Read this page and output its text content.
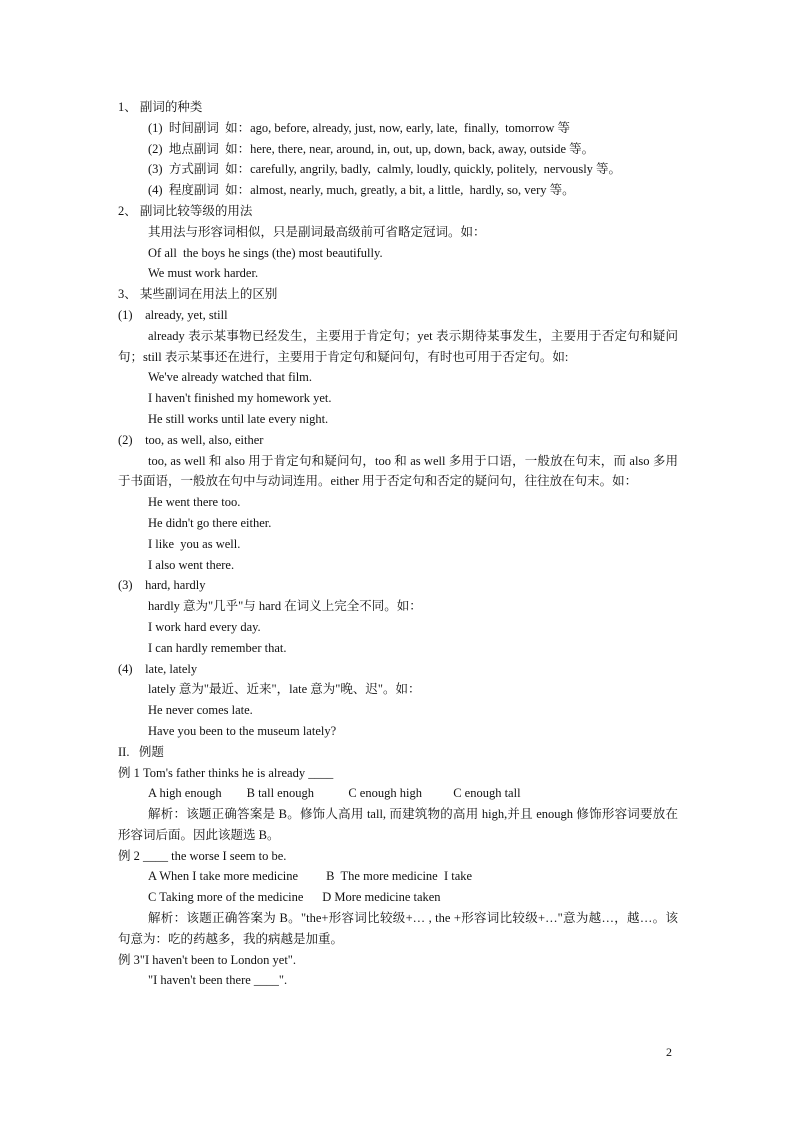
1、 副词的种类
(1)  时间副词  如：ago, before, already, just, now, early, late,  finally,  tomorrow 等
(2)  地点副词  如：here, there, near, around, in, out, up, down, back, away, outside 等。
(3)  方式副词  如：carefully, angrily, badly,  calmly, loudly, quickly, politely,  nervously 等。
(4)  程度副词  如：almost, nearly, much, greatly, a bit, a little,  hardly, so, very 等。
2、 副词比较等级的用法
其用法与形容词相似，只是副词最高级前可省略定冠词。如：
Of all  the boys he sings (the) most beautifully.
We must work harder.
3、 某些副词在用法上的区别
(1)    already, yet, still
already 表示某事物已经发生，主要用于肯定句；yet 表示期待某事发生，主要用于否定句和疑问句；still 表示某事还在进行，主要用于肯定句和疑问句，有时也可用于否定句。如:
We've already watched that film.
I haven't finished my homework yet.
He still works until late every night.
(2)    too, as well, also, either
too, as well 和 also 用于肯定句和疑问句，too 和 as well 多用于口语，一般放在句末，而 also 多用于书面语，一般放在句中与动词连用。either 用于否定句和否定的疑问句，往往放在句末。如：
He went there too.
He didn't go there either.
I like  you as well.
I also went there.
(3)    hard, hardly
hardly 意为"几乎"与 hard 在词义上完全不同。如：
I work hard every day.
I can hardly remember that.
(4)    late, lately
lately 意为"最近、近来"，late 意为"晚、迟"。如：
He never comes late.
Have you been to the museum lately?
II.   例题
例 1 Tom's father thinks he is already ____
A high enough        B tall enough           C enough high          C enough tall
解析：该题正确答案是 B。修饰人高用 tall, 而建筑物的高用 high,并且 enough 修饰形容词要放在形容词后面。因此该题选 B。
例 2 ____ the worse I seem to be.
A When I take more medicine         B  The more medicine  I take
C Taking more of the medicine      D More medicine taken
解析：该题正确答案为 B。"the+形容词比较级+… , the +形容词比较级+…"意为越…，越…。该句意为：吃的药越多，我的病越是加重。
例 3"I haven't been to London yet".
"I haven't been there ____".
2
